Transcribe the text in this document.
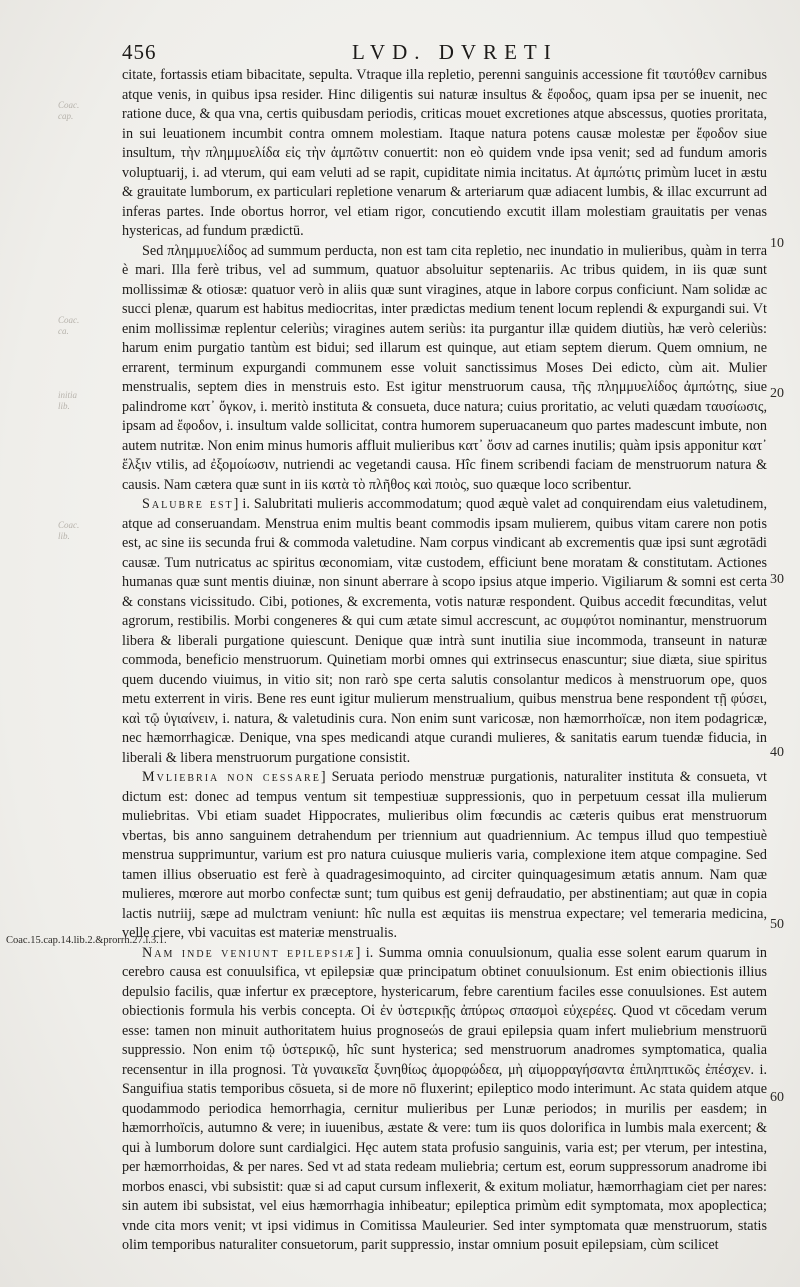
456	LVD. DVRETI
Coac.
cap.
Coac.
ca.
initia
lib.
Coac.
lib.

citate, fortassis etiam bibacitate, sepulta. Vtraque illa repletio, perenni sanguinis accessione fit ταυτόθεν carnibus atque venis, in quibus ipsa resider. Hinc diligentis sui naturæ insultus & ἔφοδος, quam ipsa per se inuenit, nec ratione duce, & qua vna, certis quibusdam periodis, criticas mouet excretiones atque abscessus, quoties proritata, in sui leuationem incumbit contra omnem molestiam. Itaque natura potens causæ molestæ per ἔφοδον siue insultum, τὴν πλημμυελίδα εἰς τὴν ἀμπῶτιν conuertit: non eò quidem vnde ipsa venit; sed ad fundum amoris voluptuarij, i. ad vterum, qui eam veluti ad se rapit, cupiditate nimia incitatus. At ἀμπώτις primùm lucet in æstu & grauitate lumborum, ex particulari repletione venarum & arteriarum quæ adiacent lumbis, & illac excurrunt ad inferas partes. Inde obortus horror, vel etiam rigor, concutiendo excutit illam molestiam grauitatis per venas hystericas, ad fundum prædictū.

Sed πλημμυελίδος ad summum perducta, non est tam cita repletio, nec inundatio in mulieribus, quàm in terra è mari. Illa ferè tribus, vel ad summum, quatuor absoluitur septenariis. Ac tribus quidem, in iis quæ sunt mollissimæ & otiosæ: quatuor verò in aliis quæ sunt viragines, atque in labore corpus conficiunt. Nam solidæ ac succi plenæ, quarum est habitus mediocritas, inter prædictas medium tenent locum replendi & expurgandi sui. Vt enim mollissimæ replentur celeriùs; viragines autem seriùs: ita purgantur illæ quidem diutiùs, hæ verò celeriùs: harum enim purgatio tantùm est bidui; sed illarum est quinque, aut etiam septem dierum. Quem omnium, ne errarent, terminum expurgandi communem esse voluit sanctissimus Moses Dei edicto, cùm ait. Mulier menstrualis, septem dies in menstruis esto. Est igitur menstruorum causa, τῆς πλημμυελίδος ἀμπώτης, siue palindrome κατ᾽ ὄγκον, i. meritò instituta & consueta, duce natura; cuius proritatio, ac veluti quædam ταυσίωσις, ipsam ad ἔφοδον, i. insultum valde sollicitat, contra humorem superuacaneum quo partes madescunt imbute, non autem nutritæ. Non enim minus humoris affluit mulieribus κατ᾽ ὄσιν ad carnes inutilis; quàm ipsis apponitur κατ᾽ ἕλξιν vtilis, ad ἐξομοίωσιν, nutriendi ac vegetandi causa. Hîc finem scribendi faciam de menstruorum natura & causis. Nam cætera quæ sunt in iis κατὰ τὸ πλῆθος καὶ ποιὸς, suo quæque loco scribentur.

Salubre est] i. Salubritati mulieris accommodatum; quod æquè valet ad conquirendam eius valetudinem, atque ad conseruandam. Menstrua enim multis beant commodis ipsam mulierem, quibus vitam carere non potis est, ac sine iis secunda frui & commoda valetudine. Nam corpus vindicant ab excrementis quæ ipsi sunt ægrotādi causæ. Tum nutricatus ac spiritus œconomiam, vitæ custodem, efficiunt bene moratam & constitutam. Actiones humanas quæ sunt mentis diuinæ, non sinunt aberrare à scopo ipsius atque imperio. Vigiliarum & somni est certa & constans vicissitudo. Cibi, potiones, & excrementa, votis naturæ respondent. Quibus accedit fœcunditas, velut agrorum, restibilis. Morbi congeneres & qui cum ætate simul accrescunt, ac συμφύτοι nominantur, menstruorum libera & liberali purgatione quiescunt. Denique quæ intrà sunt inutilia siue incommoda, transeunt in naturæ commoda, beneficio menstruorum. Quinetiam morbi omnes qui extrinsecus enascuntur; siue diæta, siue spiritus quem ducendo viuimus, in vitio sit; non rarò spe certa salutis consolantur medicos à menstruorum ope, quos metu exterrent in viris. Bene res eunt igitur mulierum menstrualium, quibus menstrua bene respondent τῇ φύσει, καὶ τῷ ὑγιαίνειν, i. natura, & valetudinis cura. Non enim sunt varicosæ, non hæmorrhoïcæ, non item podagricæ, nec hæmorrhagicæ. Denique, vna spes medicandi atque curandi mulieres, & sanitatis earum tuendæ fiducia, in liberali & libera menstruorum purgatione consistit.

Mvliebria non cessare] Seruata periodo menstruæ purgationis, naturaliter instituta & consueta, vt dictum est: donec ad tempus ventum sit tempestiuæ suppressionis, quo in perpetuum cessat illa mulierum muliebritas. Vbi etiam suadet Hippocrates, mulieribus olim fœcundis ac cæteris quibus erat menstruorum vbertas, bis anno sanguinem detrahendum per triennium aut quadriennium. Ac tempus illud quo tempestiuè menstrua supprimuntur, varium est pro natura cuiusque mulieris varia, complexione item atque compagine. Sed tamen illius obseruatio est ferè à quadragesimoquinto, ad circiter quinquagesimum ætatis annum. Nam quæ mulieres, mœrore aut morbo confectæ sunt; tum quibus est genij defraudatio, per abstinentiam; aut quæ in copia lactis nutriij, sæpe ad mulctram veniunt: hîc nulla est æquitas iis menstrua expectare; vel temeraria medicina, velle ciere, vbi vacuitas est materiæ menstrualis.

Nam inde veniunt epilepsiæ] i. Summa omnia conuulsionum, qualia esse solent earum quarum in cerebro causa est conuulsifica, vt epilepsiæ quæ principatum obtinet conuulsionum. Est enim obiectionis illius depulsio facilis, quæ infertur ex præceptore, hystericarum, febre carentium faciles esse conuulsiones. Est autem obiectionis formula his verbis concepta. Οἱ ἐν ὑστερικῇς ἀπύρως σπασμοὶ εὐχερέες. Quod vt cōcedam verum esse: tamen non minuit authoritatem huius prognoseώs de graui epilepsia quam infert muliebrium menstruorū suppressio. Non enim τῷ ὑστερικῷ, hîc sunt hysterica; sed menstruorum anadromes symptomatica, qualia recensentur in illa prognosi. Τὰ γυναικεῖα ξυνηθίως ἀμορφώδεα, μὴ αἱμορραγήσαντα ἐπιληπτικῶς ἐπέσχεν. i. Sanguifiua statis temporibus cōsueta, si de more nō fluxerint; epileptico modo interimunt. Ac stata quidem atque quodammodo periodica hemorrhagia, cernitur mulieribus per Lunæ periodos; in murilis per easdem; in hæmorrhoïcis, autumno & vere; in iuuenibus, æstate & vere: tum iis quos dolorifica in lumbis mala exercent; & qui à lumborum dolore sunt cardialgici. Hęc autem stata profusio sanguinis, varia est; per vterum, per intestina, per hæmorrhoidas, & per nares. Sed vt ad stata redeam muliebria; certum est, eorum suppressorum anadrome ibi morbos enasci, vbi subsistit: quæ si ad caput cursum inflexerit, & exitum moliatur, hæmorrhagiam ciet per nares: sin autem ibi subsistat, vel eius hæmorrhagia inhibeatur; epileptica primùm edit symptomata, mox apoplectica; vnde cita mors venit; vt ipsi vidimus in Comitissa Mauleurier. Sed inter symptomata quæ menstruorum, statis olim temporibus naturaliter consuetorum, parit suppressio, instar omnium posuit epilepsiam, cùm scilicet

10
20
30
40
50
60
Coac.15.cap.14.lib.2.&prorrh.27.l.3.1.
